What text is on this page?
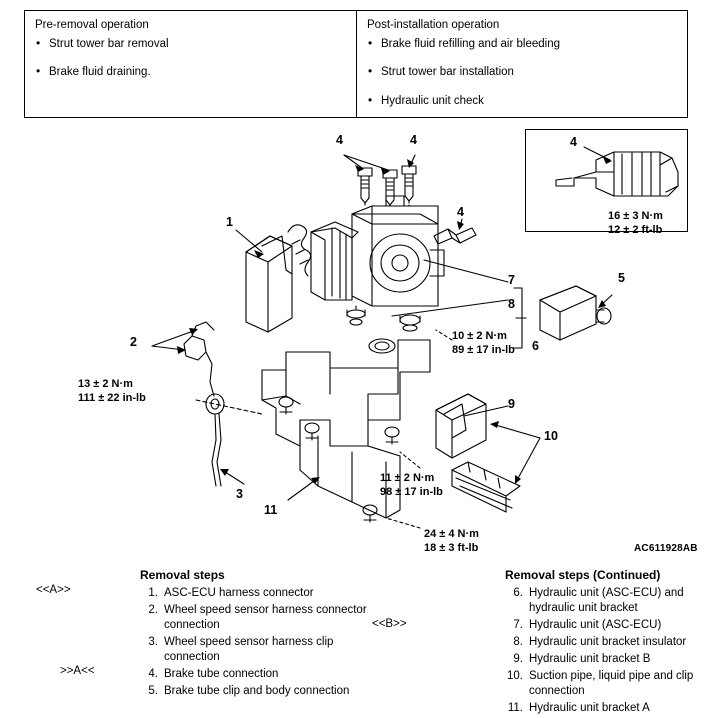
Pre-removal operation
• Strut tower bar removal
• Brake fluid draining.
Post-installation operation
• Brake fluid refilling and air bleeding
• Strut tower bar installation
• Hydraulic unit check
4	4
4
4
1
2
3
5
6
7
8
9
10
11
16 ± 3 N·m
12 ± 2 ft-lb
13 ± 2 N·m
111 ± 22 in-lb
10 ± 2 N·m
89 ± 17 in-lb
11 ± 2 N·m
98 ± 17 in-lb
24 ± 4 N·m
18 ± 3 ft-lb	AC611928AB
<<A>>
<<B>>
>>A<<
Removal steps
1. ASC-ECU harness connector
2. Wheel speed sensor harness connector connection
3. Wheel speed sensor harness clip connection
4. Brake tube connection
5. Brake tube clip and body connection
Removal steps (Continued)
6. Hydraulic unit (ASC-ECU) and hydraulic unit bracket
7. Hydraulic unit (ASC-ECU)
8. Hydraulic unit bracket insulator
9. Hydraulic unit bracket B
10. Suction pipe, liquid pipe and clip connection
11. Hydraulic unit bracket A
